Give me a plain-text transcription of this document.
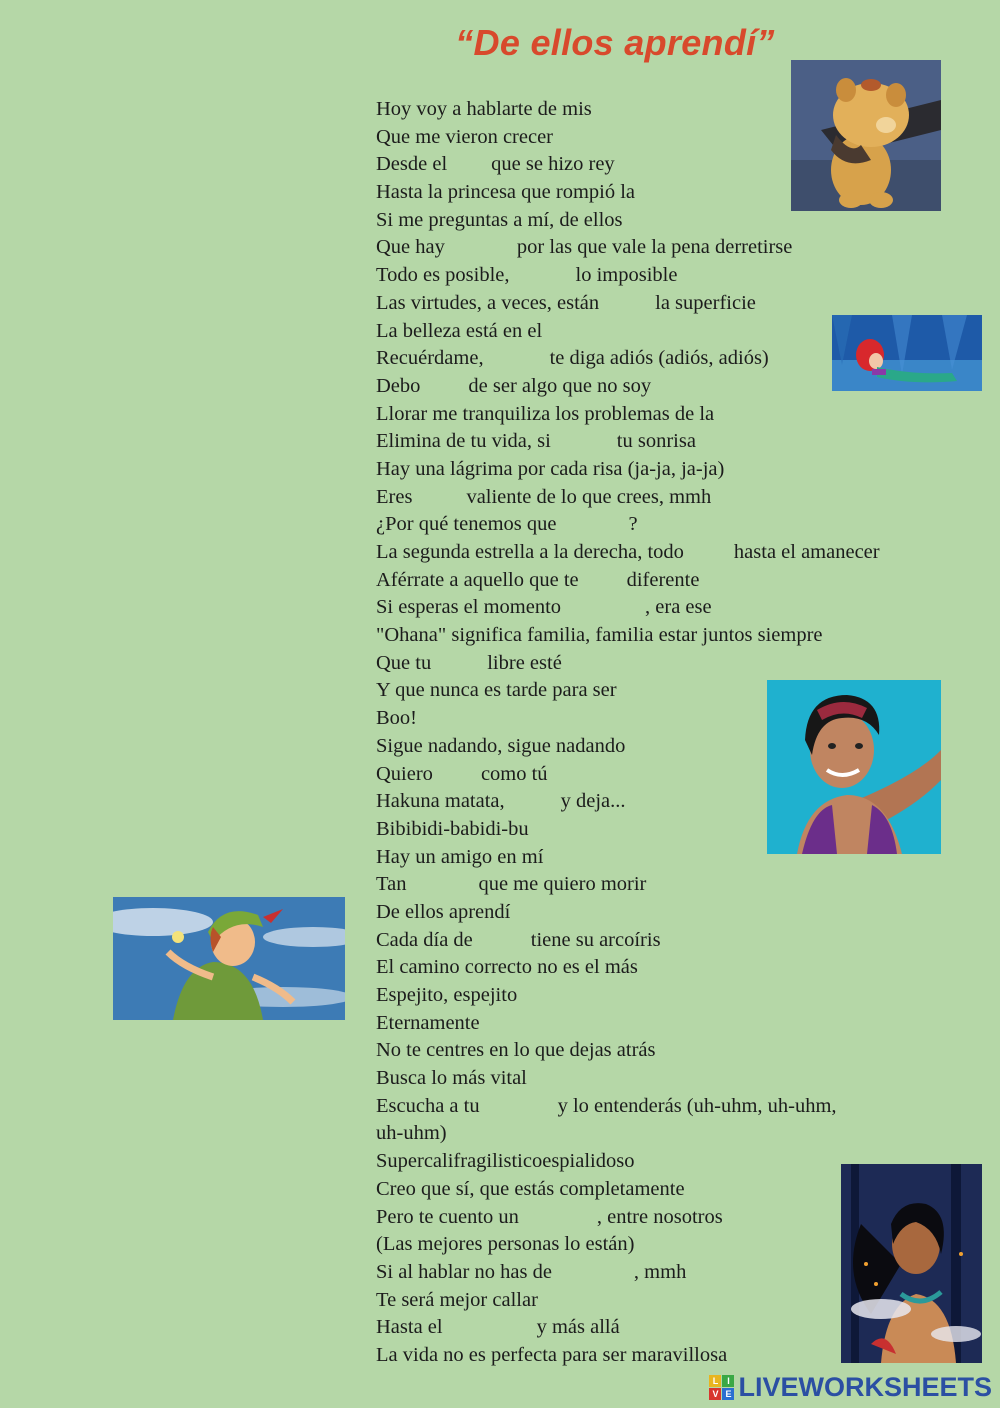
“De ellos aprendí”
Hoy voy a hablarte de mis
Que me vieron crecer
Desde el que se hizo rey
Hasta la princesa que rompió la
Si me preguntas a mí, de ellos
Que hay	por las que vale la pena derretirse
Todo es posible,	lo imposible
Las virtudes, a veces, están	la superficie
La belleza está en el
Recuérdame,	te diga adiós (adiós, adiós)
Debo de ser algo que no soy
Llorar me tranquiliza los problemas de la
Elimina de tu vida, si	tu sonrisa
Hay una lágrima por cada risa (ja-ja, ja-ja)
Eres	valiente de lo que crees, mmh
¿Por qué tenemos que	?
La segunda estrella a la derecha, todo hasta el amanecer
Aférrate a aquello que te diferente
Si esperas el momento	, era ese
"Ohana" significa familia, familia estar juntos siempre
Que tu	libre esté
Y que nunca es tarde para ser
Boo!
Sigue nadando, sigue nadando
Quiero como tú
Hakuna matata,	y deja...
Bibibidi-babidi-bu
Hay un amigo en mí
Tan	que me quiero morir
De ellos aprendí
Cada día de	tiene su arcoíris
El camino correcto no es el más
Espejito, espejito
Eternamente
No te centres en lo que dejas atrás
Busca lo más vital
Escucha a tu	y lo entenderás (uh-uhm, uh-uhm,
uh-uhm)
Supercalifragilisticoespialidoso
Creo que sí, que estás completamente
Pero te cuento un	, entre nosotros
(Las mejores personas lo están)
Si al hablar no has de	, mmh
Te será mejor callar
Hasta el	y más allá
La vida no es perfecta para ser maravillosa
L I
V E LIVEWORKSHEETS
